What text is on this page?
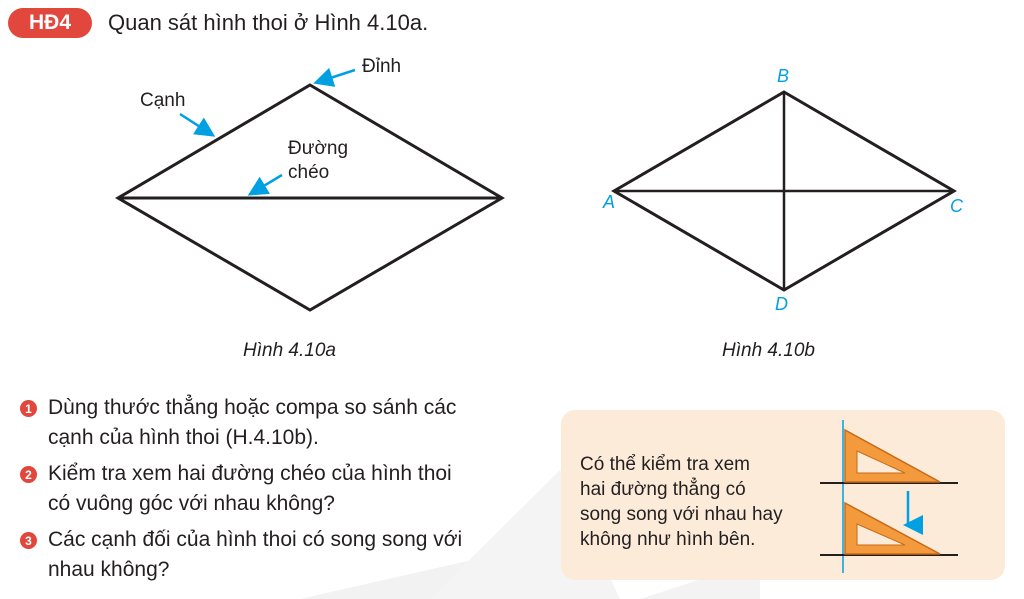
HĐ4	Quan sát hình thoi ở Hình 4.10a.
Đỉnh
Cạnh
Đường
chéo
Hình 4.10a
B
A	C
D
Hình 4.10b
1 Dùng thước thẳng hoặc compa so sánh các
cạnh của hình thoi (H.4.10b).
2 Kiểm tra xem hai đường chéo của hình thoi
có vuông góc với nhau không?
3 Các cạnh đối của hình thoi có song song với
nhau không?
Có thể kiểm tra xem
hai đường thẳng có
song song với nhau hay
không như hình bên.
